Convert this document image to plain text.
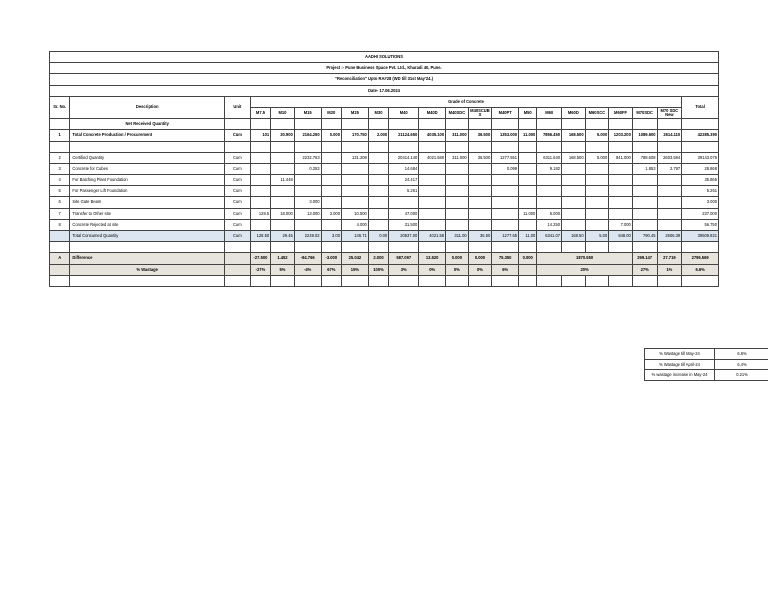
AADHI SOLUTIONS																					
Project :- Pune Business Space Pvt. Ltd., Kharadi 40, Pune.																					
"Reconciliation" Upto RA#28 (WD till 31st May'24.)																					
Date- 17.06.2024																					
Sr. No.	Description	Unit	Grade of Concrete																		Total
			M7.5	M10	M15	M20	M25	M30	M40	M40D	M40SDC	M40SCUB S	M40PT	M50	M60	M60D	M60SCC	M60FF	M70SDC	M70 SDC New	
	Net Received Quantity																				
1	Total Concrete Production / Procurement	Cum	101	30.900	2164.250	0.000	170.750	2.000	21124.650	4035.100	311.000	36.500	1353.000	11.000	7856.450	168.500	5.000	1203.200	1089.600	2614.110	42285.390

2	Certified Quantity	Cum			2232.763		131.208		20414.140	4021.580	311.000	36.500	1277.551		6311.640	168.500	5.000	841.000	788.608	2603.594	39143.076
3	Concrete for Cubes	Cum			0.253				14.684				0.099		9.182				1.853	2.797	28.868
4	For Batching Plant Foundation	Cum		11.448					24.417												35.865
5	For Passenger Lift Foundation	Cum							5.261												5.261
6	Site Gate Beam	Cum			3.000																3.000
7	Transfer to Other site	Cum	128.5	18.000	13.000	3.000	10.500		47.000					11.000	6.000						237.000
8	Concrete Rejected at site	Cum					4.000		31.500						14.250			7.000			56.750
	Total Consumed Quantity	Cum	128.50	29.45	2249.02	3.00	145.71	0.00	20537.00	4021.58	311.00	36.50	1277.65	11.00	6341.07	168.50	5.00	848.00	790.45	2606.39	39509.821

A	Difference		-27.500	1.452	-84.766	-3.000	25.042	2.000	587.097	13.520	0.000	0.000	75.350	0.000	1870.550				299.147	27.719	2795.569
	% Wastage		-27%	5%	-4%	67%	15%	100%	3%	0%	0%	0%	6%		20%				27%	1%	6.6%

% Wastage till May-24	6.6%
% Wastage till April-24	6.4%
% wastage increase in May-24	0.21%
